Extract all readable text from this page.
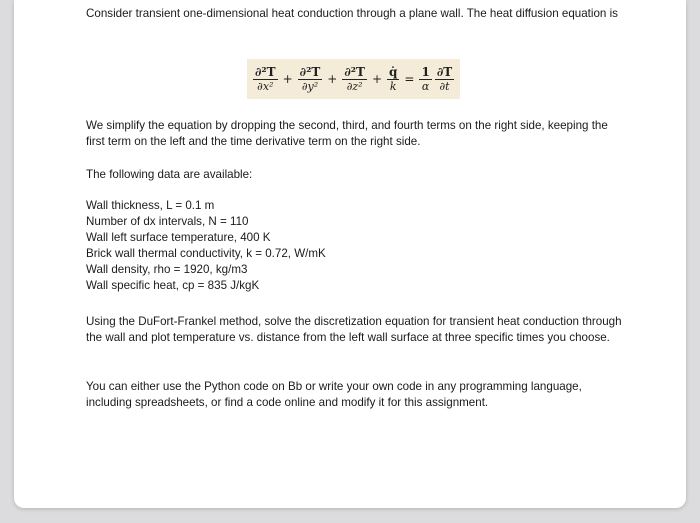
Consider transient one-dimensional heat conduction through a plane wall. The heat diffusion equation is

$\frac{\text{∂²T}}{\text{∂x²}} + \frac{\text{∂²T}}{\text{∂y²}} + \frac{\text{∂²T}}{\text{∂z²}} + \frac{q̇}{k} = \frac{1}{\alpha} \frac{\partial T}{\partial t}$

We simplify the equation by dropping the second, third, and fourth terms on the right side, keeping the first term on the left and the time derivative term on the right side.

The following data are available:

Wall thickness, L = 0.1 m
Number of dx intervals, N = 110
Wall left surface temperature, 400 K
Brick wall thermal conductivity, k = 0.72, W/mK
Wall density, rho = 1920, kg/m3
Wall specific heat, cp = 835 J/kgK

Using the DuFort-Frankel method, solve the discretization equation for transient heat conduction through the wall and plot temperature vs. distance from the left wall surface at three specific times you choose.

You can either use the Python code on Bb or write your own code in any programming language, including spreadsheets, or find a code online and modify it for this assignment.
